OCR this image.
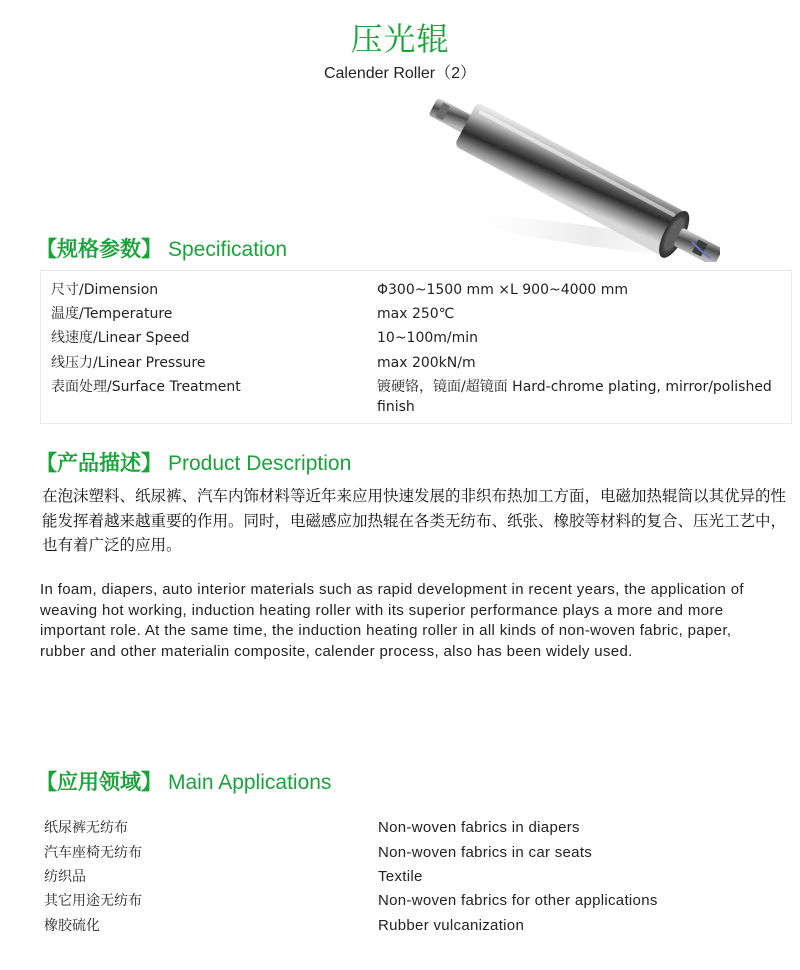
压光辊
Calender Roller（2）
【规格参数】 Specification
尺寸/Dimension	Φ300~1500 mm ×L 900~4000 mm
温度/Temperature	max 250℃
线速度/Linear Speed	10~100m/min
线压力/Linear Pressure	max 200kN/m
表面处理/Surface Treatment	镀硬铬，镜面/超镜面 Hard-chrome plating, mirror/polished finish
【产品描述】 Product Description
在泡沫塑料、纸尿裤、汽车内饰材料等近年来应用快速发展的非织布热加工方面，电磁加热辊筒以其优异的性能发挥着越来越重要的作用。同时，电磁感应加热辊在各类无纺布、纸张、橡胶等材料的复合、压光工艺中，也有着广泛的应用。
In foam, diapers, auto interior materials such as rapid development in recent years, the application of weaving hot working, induction heating roller with its superior performance plays a more and more important role. At the same time, the induction heating roller in all kinds of non-woven fabric, paper, rubber and other materialin composite, calender process, also has been widely used.
【应用领域】 Main Applications
纸尿裤无纺布	Non-woven fabrics in diapers
汽车座椅无纺布	Non-woven fabrics in car seats
纺织品	Textile
其它用途无纺布	Non-woven fabrics for other applications
橡胶硫化	Rubber vulcanization
